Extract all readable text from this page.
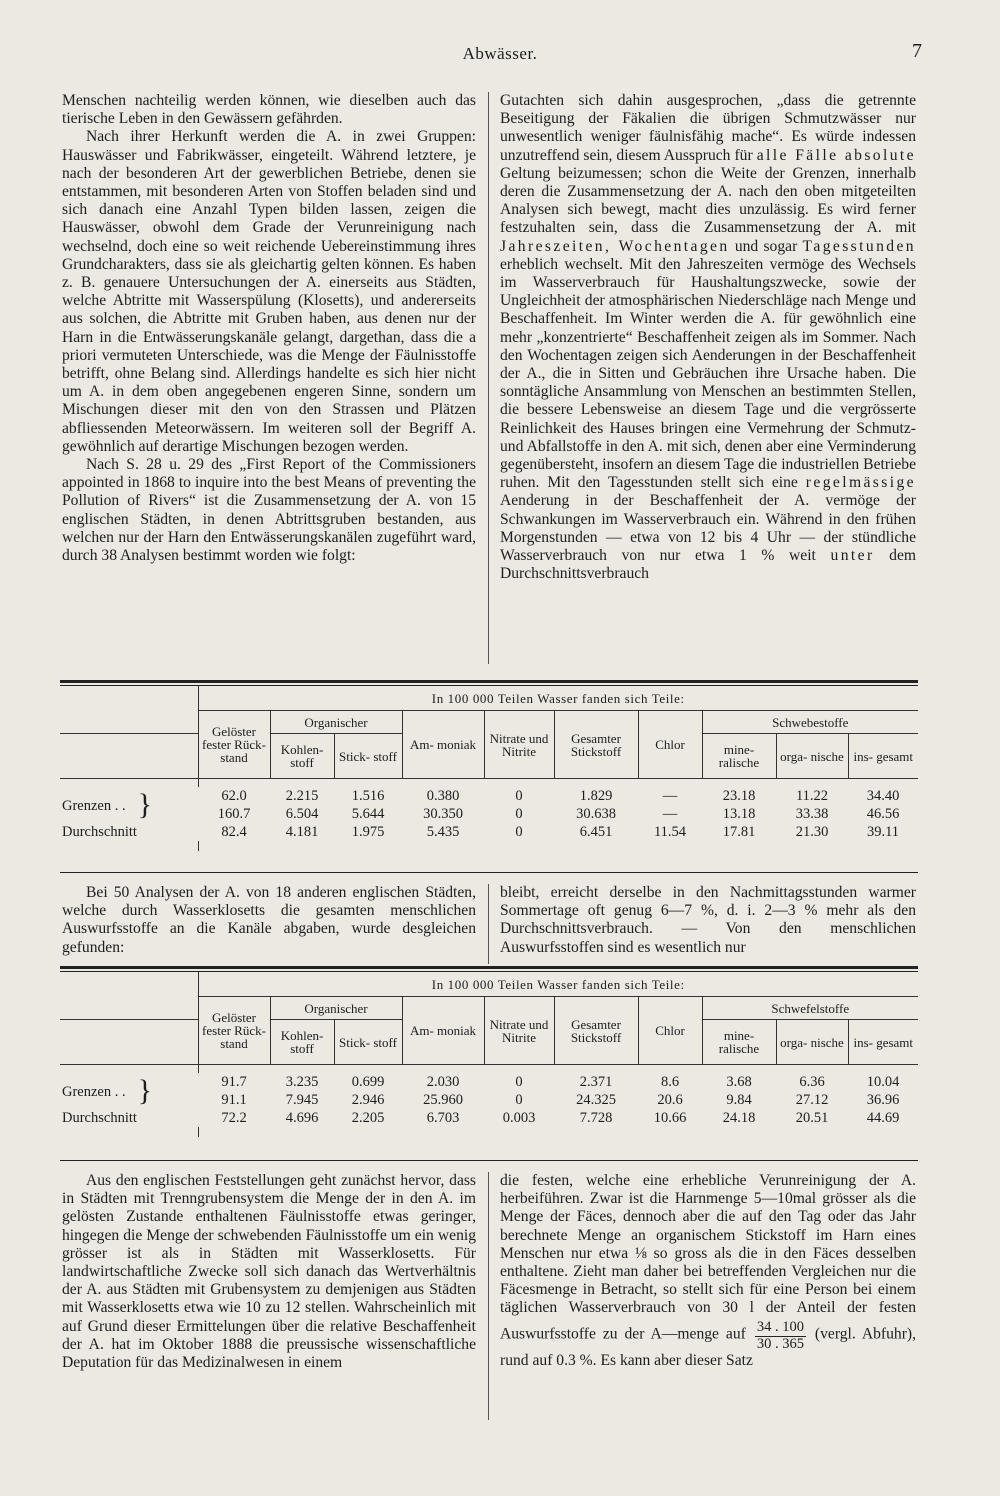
Abwässer.	7

Menschen nachteilig werden können, wie dieselben auch das tierische Leben in den Gewässern gefährden.

Nach ihrer Herkunft werden die A. in zwei Gruppen: Hauswässer und Fabrikwässer, eingeteilt. Während letztere, je nach der besonderen Art der gewerblichen Betriebe, denen sie entstammen, mit besonderen Arten von Stoffen beladen sind und sich danach eine Anzahl Typen bilden lassen, zeigen die Hauswässer, obwohl dem Grade der Verunreinigung nach wechselnd, doch eine so weit reichende Uebereinstimmung ihres Grundcharakters, dass sie als gleichartig gelten können. Es haben z. B. genauere Untersuchungen der A. einerseits aus Städten, welche Abtritte mit Wasserspülung (Klosetts), und andererseits aus solchen, die Abtritte mit Gruben haben, aus denen nur der Harn in die Entwässerungskanäle gelangt, dargethan, dass die a priori vermuteten Unterschiede, was die Menge der Fäulnisstoffe betrifft, ohne Belang sind. Allerdings handelte es sich hier nicht um A. in dem oben angegebenen engeren Sinne, sondern um Mischungen dieser mit den von den Strassen und Plätzen abfliessenden Meteorwässern. Im weiteren soll der Begriff A. gewöhnlich auf derartige Mischungen bezogen werden.

Nach S. 28 u. 29 des „First Report of the Commissioners appointed in 1868 to inquire into the best Means of preventing the Pollution of Rivers“ ist die Zusammensetzung der A. von 15 englischen Städten, in denen Abtrittsgruben bestanden, aus welchen nur der Harn den Entwässerungskanälen zugeführt ward, durch 38 Analysen bestimmt worden wie folgt:

Gutachten sich dahin ausgesprochen, „dass die getrennte Beseitigung der Fäkalien die übrigen Schmutzwässer nur unwesentlich weniger fäulnisfähig mache“. Es würde indessen unzutreffend sein, diesem Ausspruch für alle Fälle absolute Geltung beizumessen; schon die Weite der Grenzen, innerhalb deren die Zusammensetzung der A. nach den oben mitgeteilten Analysen sich bewegt, macht dies unzulässig. Es wird ferner festzuhalten sein, dass die Zusammensetzung der A. mit Jahreszeiten, Wochentagen und sogar Tagesstunden erheblich wechselt. Mit den Jahreszeiten vermöge des Wechsels im Wasserverbrauch für Haushaltungszwecke, sowie der Ungleichheit der atmosphärischen Niederschläge nach Menge und Beschaffenheit. Im Winter werden die A. für gewöhnlich eine mehr „konzentrierte“ Beschaffenheit zeigen als im Sommer. Nach den Wochentagen zeigen sich Aenderungen in der Beschaffenheit der A., die in Sitten und Gebräuchen ihre Ursache haben. Die sonntägliche Ansammlung von Menschen an bestimmten Stellen, die bessere Lebensweise an diesem Tage und die vergrösserte Reinlichkeit des Hauses bringen eine Vermehrung der Schmutz- und Abfallstoffe in den A. mit sich, denen aber eine Verminderung gegenübersteht, insofern an diesem Tage die industriellen Betriebe ruhen. Mit den Tagesstunden stellt sich eine regelmässige Aenderung in der Beschaffenheit der A. vermöge der Schwankungen im Wasserverbrauch ein. Während in den frühen Morgenstunden — etwa von 12 bis 4 Uhr — der stündliche Wasserverbrauch von nur etwa 1 % weit unter dem Durchschnittsverbrauch

	In 100 000 Teilen Wasser fanden sich Teile:									
	Gelöster fester Rück- stand	Organischer		Am- moniak	Nitrate und Nitrite	Gesamter Stickstoff	Chlor	Schwebestoffe		
		Kohlen- stoff	Stick- stoff					mine- ralische	orga- nische	ins- gesamt

Grenzen . . }	62.0	2.215	1.516	0.380	0	1.829	—	23.18	11.22	34.40
	160.7	6.504	5.644	30.350	0	30.638	—	13.18	33.38	46.56
Durchschnitt	82.4	4.181	1.975	5.435	0	6.451	11.54	17.81	21.30	39.11

Bei 50 Analysen der A. von 18 anderen englischen Städten, welche durch Wasserklosetts die gesamten menschlichen Auswurfsstoffe an die Kanäle abgaben, wurde desgleichen gefunden:

bleibt, erreicht derselbe in den Nachmittagsstunden warmer Sommertage oft genug 6—7 %, d. i. 2—3 % mehr als den Durchschnittsverbrauch. — Von den menschlichen Auswurfsstoffen sind es wesentlich nur

	In 100 000 Teilen Wasser fanden sich Teile:									
	Gelöster fester Rück- stand	Organischer		Am- moniak	Nitrate und Nitrite	Gesamter Stickstoff	Chlor	Schwefelstoffe		
		Kohlen- stoff	Stick- stoff					mine- ralische	orga- nische	ins- gesamt

Grenzen . . }	91.7	3.235	0.699	2.030	0	2.371	8.6	3.68	6.36	10.04
	91.1	7.945	2.946	25.960	0	24.325	20.6	9.84	27.12	36.96
Durchschnitt	72.2	4.696	2.205	6.703	0.003	7.728	10.66	24.18	20.51	44.69

Aus den englischen Feststellungen geht zunächst hervor, dass in Städten mit Trenngrubensystem die Menge der in den A. im gelösten Zustande enthaltenen Fäulnisstoffe etwas geringer, hingegen die Menge der schwebenden Fäulnisstoffe um ein wenig grösser ist als in Städten mit Wasserklosetts. Für landwirtschaftliche Zwecke soll sich danach das Wertverhältnis der A. aus Städten mit Grubensystem zu demjenigen aus Städten mit Wasserklosetts etwa wie 10 zu 12 stellen. Wahrscheinlich mit auf Grund dieser Ermittelungen über die relative Beschaffenheit der A. hat im Oktober 1888 die preussische wissenschaftliche Deputation für das Medizinalwesen in einem

die festen, welche eine erhebliche Verunreinigung der A. herbeiführen. Zwar ist die Harnmenge 5—10mal grösser als die Menge der Fäces, dennoch aber die auf den Tag oder das Jahr berechnete Menge an organischem Stickstoff im Harn eines Menschen nur etwa ⅛ so gross als die in den Fäces desselben enthaltene. Zieht man daher bei betreffenden Vergleichen nur die Fäcesmenge in Betracht, so stellt sich für eine Person bei einem täglichen Wasserverbrauch von 30 l der Anteil der festen Auswurfsstoffe zu der A—menge auf $\frac{34 . 100}{30 . 365}$ (vergl. Abfuhr), rund auf 0.3 %. Es kann aber dieser Satz
